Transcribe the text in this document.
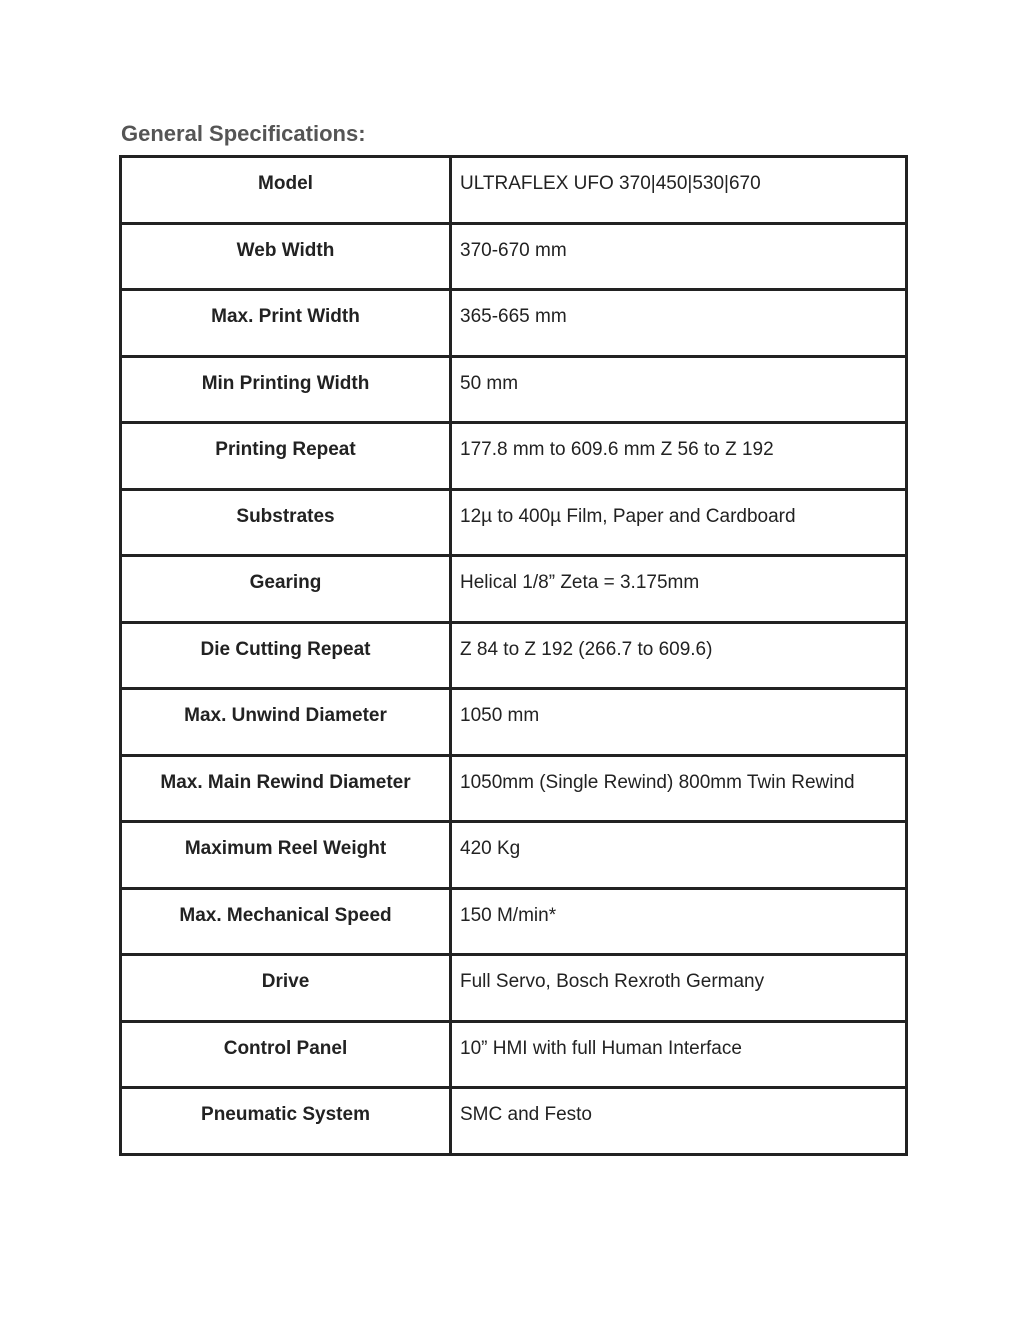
General Specifications:
Model	ULTRAFLEX UFO 370|450|530|670
Web Width	370-670 mm
Max. Print Width	365-665 mm
Min Printing Width	50 mm
Printing Repeat	177.8 mm to 609.6 mm Z 56 to Z 192
Substrates	12µ to 400µ Film, Paper and Cardboard
Gearing	Helical 1/8” Zeta = 3.175mm
Die Cutting Repeat	Z 84 to Z 192 (266.7 to 609.6)
Max. Unwind Diameter	1050 mm
Max. Main Rewind Diameter	1050mm (Single Rewind) 800mm Twin Rewind
Maximum Reel Weight	420 Kg
Max. Mechanical Speed	150 M/min*
Drive	Full Servo, Bosch Rexroth Germany
Control Panel	10” HMI with full Human Interface
Pneumatic System	SMC and Festo
